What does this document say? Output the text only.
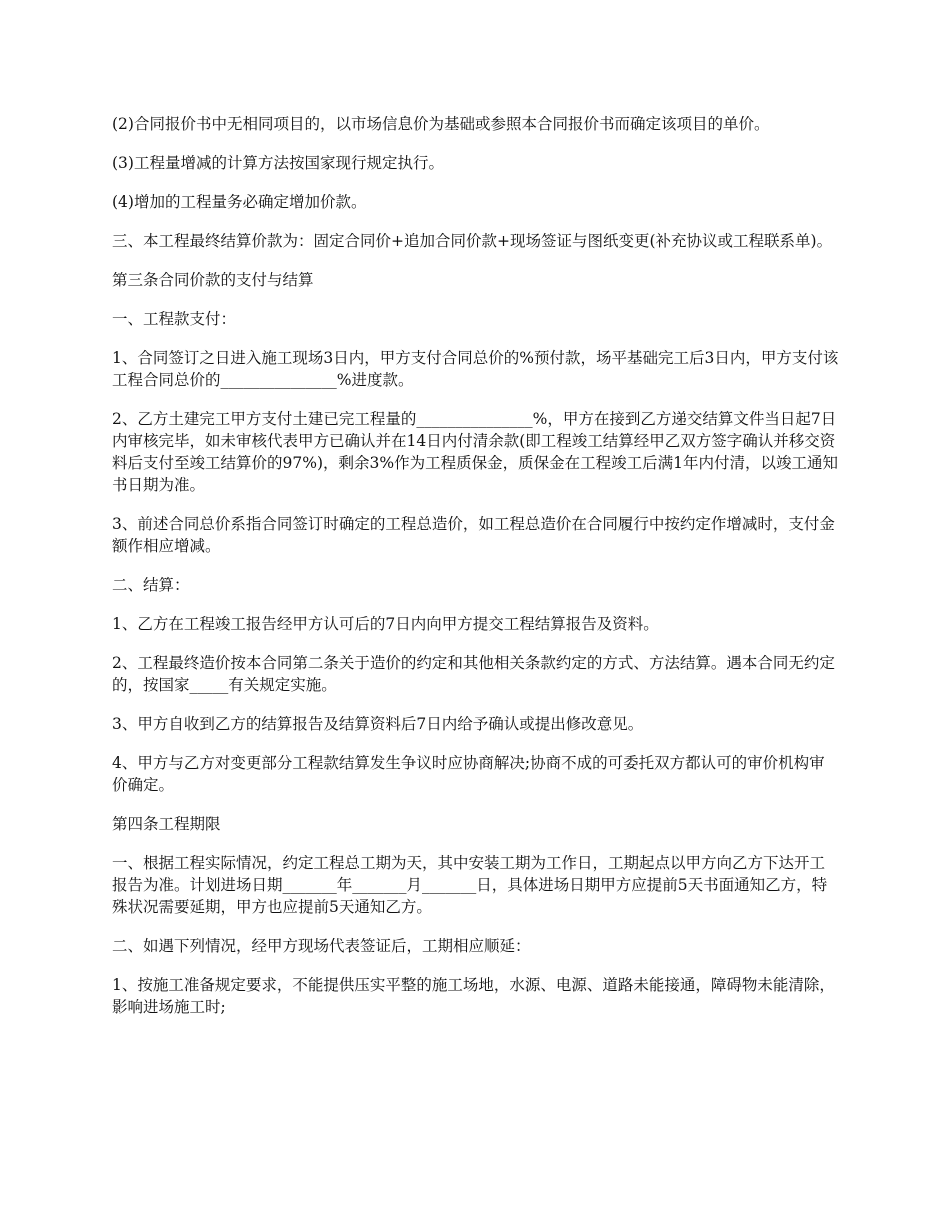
(2)合同报价书中无相同项目的，以市场信息价为基础或参照本合同报价书而确定该项目的单价。

(3)工程量增减的计算方法按国家现行规定执行。

(4)增加的工程量务必确定增加价款。

三、本工程最终结算价款为：固定合同价+追加合同价款+现场签证与图纸变更(补充协议或工程联系单)。

第三条合同价款的支付与结算

一、工程款支付：

1、合同签订之日进入施工现场3日内，甲方支付合同总价的%预付款，场平基础完工后3日内，甲方支付该工程合同总价的_______________%进度款。

2、乙方土建完工甲方支付土建已完工程量的_______________%，甲方在接到乙方递交结算文件当日起7日内审核完毕，如未审核代表甲方已确认并在14日内付清余款(即工程竣工结算经甲乙双方签字确认并移交资料后支付至竣工结算价的97%)，剩余3%作为工程质保金，质保金在工程竣工后满1年内付清，以竣工通知书日期为准。

3、前述合同总价系指合同签订时确定的工程总造价，如工程总造价在合同履行中按约定作增减时，支付金额作相应增减。

二、结算：

1、乙方在工程竣工报告经甲方认可后的7日内向甲方提交工程结算报告及资料。

2、工程最终造价按本合同第二条关于造价的约定和其他相关条款约定的方式、方法结算。遇本合同无约定的，按国家_____有关规定实施。

3、甲方自收到乙方的结算报告及结算资料后7日内给予确认或提出修改意见。

4、甲方与乙方对变更部分工程款结算发生争议时应协商解决;协商不成的可委托双方都认可的审价机构审价确定。

第四条工程期限

一、根据工程实际情况，约定工程总工期为天，其中安装工期为工作日，工期起点以甲方向乙方下达开工报告为准。计划进场日期_______年_______月_______日，具体进场日期甲方应提前5天书面通知乙方，特殊状况需要延期，甲方也应提前5天通知乙方。

二、如遇下列情况，经甲方现场代表签证后，工期相应顺延：

1、按施工准备规定要求，不能提供压实平整的施工场地，水源、电源、道路未能接通，障碍物未能清除，影响进场施工时;
